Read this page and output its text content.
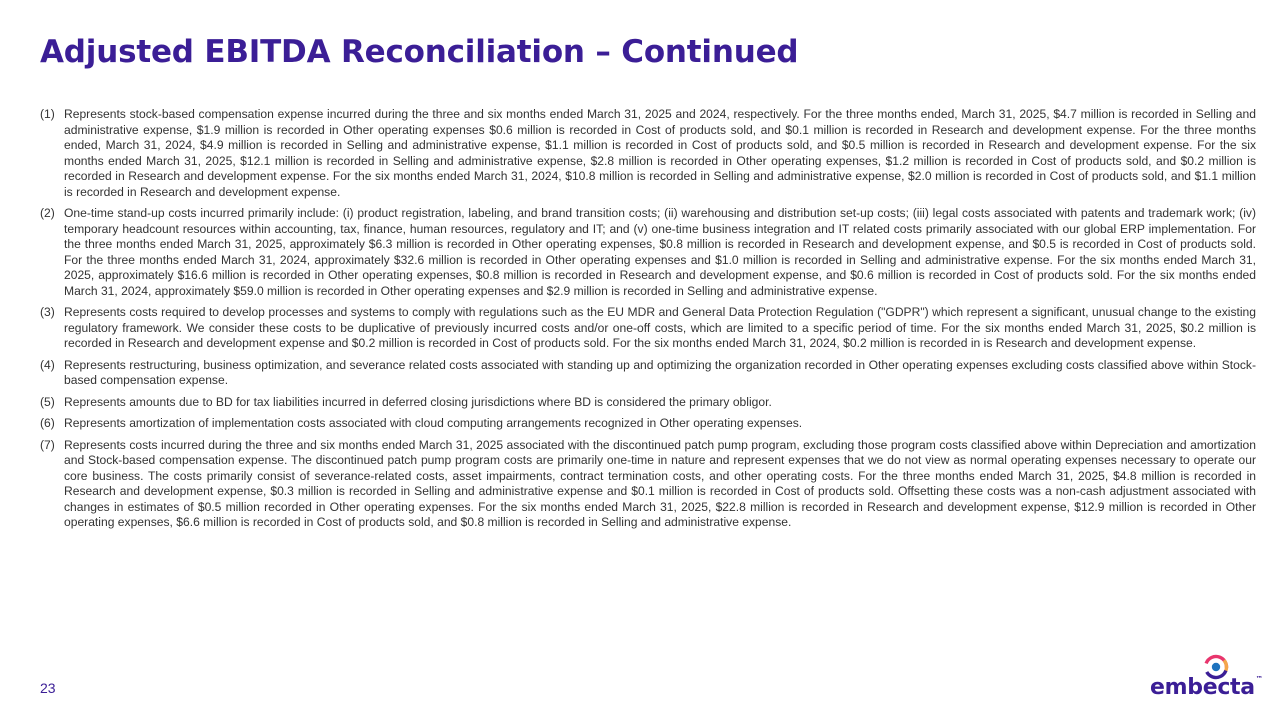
Adjusted EBITDA Reconciliation – Continued
(1) Represents stock-based compensation expense incurred during the three and six months ended March 31, 2025 and 2024, respectively. For the three months ended, March 31, 2025, $4.7 million is recorded in Selling and administrative expense, $1.9 million is recorded in Other operating expenses $0.6 million is recorded in Cost of products sold, and $0.1 million is recorded in Research and development expense. For the three months ended, March 31, 2024, $4.9 million is recorded in Selling and administrative expense, $1.1 million is recorded in Cost of products sold, and $0.5 million is recorded in Research and development expense. For the six months ended March 31, 2025, $12.1 million is recorded in Selling and administrative expense, $2.8 million is recorded in Other operating expenses, $1.2 million is recorded in Cost of products sold, and $0.2 million is recorded in Research and development expense. For the six months ended March 31, 2024, $10.8 million is recorded in Selling and administrative expense, $2.0 million is recorded in Cost of products sold, and $1.1 million is recorded in Research and development expense.
(2) One-time stand-up costs incurred primarily include: (i) product registration, labeling, and brand transition costs; (ii) warehousing and distribution set-up costs; (iii) legal costs associated with patents and trademark work; (iv) temporary headcount resources within accounting, tax, finance, human resources, regulatory and IT; and (v) one-time business integration and IT related costs primarily associated with our global ERP implementation. For the three months ended March 31, 2025, approximately $6.3 million is recorded in Other operating expenses, $0.8 million is recorded in Research and development expense, and $0.5 is recorded in Cost of products sold. For the three months ended March 31, 2024, approximately $32.6 million is recorded in Other operating expenses and $1.0 million is recorded in Selling and administrative expense. For the six months ended March 31, 2025, approximately $16.6 million is recorded in Other operating expenses, $0.8 million is recorded in Research and development expense, and $0.6 million is recorded in Cost of products sold. For the six months ended March 31, 2024, approximately $59.0 million is recorded in Other operating expenses and $2.9 million is recorded in Selling and administrative expense.
(3) Represents costs required to develop processes and systems to comply with regulations such as the EU MDR and General Data Protection Regulation ("GDPR") which represent a significant, unusual change to the existing regulatory framework. We consider these costs to be duplicative of previously incurred costs and/or one-off costs, which are limited to a specific period of time. For the six months ended March 31, 2025, $0.2 million is recorded in Research and development expense and $0.2 million is recorded in Cost of products sold. For the six months ended March 31, 2024, $0.2 million is recorded in is Research and development expense.
(4) Represents restructuring, business optimization, and severance related costs associated with standing up and optimizing the organization recorded in Other operating expenses excluding costs classified above within Stock-based compensation expense.
(5) Represents amounts due to BD for tax liabilities incurred in deferred closing jurisdictions where BD is considered the primary obligor.
(6) Represents amortization of implementation costs associated with cloud computing arrangements recognized in Other operating expenses.
(7) Represents costs incurred during the three and six months ended March 31, 2025 associated with the discontinued patch pump program, excluding those program costs classified above within Depreciation and amortization and Stock-based compensation expense. The discontinued patch pump program costs are primarily one-time in nature and represent expenses that we do not view as normal operating expenses necessary to operate our core business. The costs primarily consist of severance-related costs, asset impairments, contract termination costs, and other operating costs. For the three months ended March 31, 2025, $4.8 million is recorded in Research and development expense, $0.3 million is recorded in Selling and administrative expense and $0.1 million is recorded in Cost of products sold. Offsetting these costs was a non-cash adjustment associated with changes in estimates of $0.5 million recorded in Other operating expenses. For the six months ended March 31, 2025, $22.8 million is recorded in Research and development expense, $12.9 million is recorded in Other operating expenses, $6.6 million is recorded in Cost of products sold, and $0.8 million is recorded in Selling and administrative expense.
23	embecta™
